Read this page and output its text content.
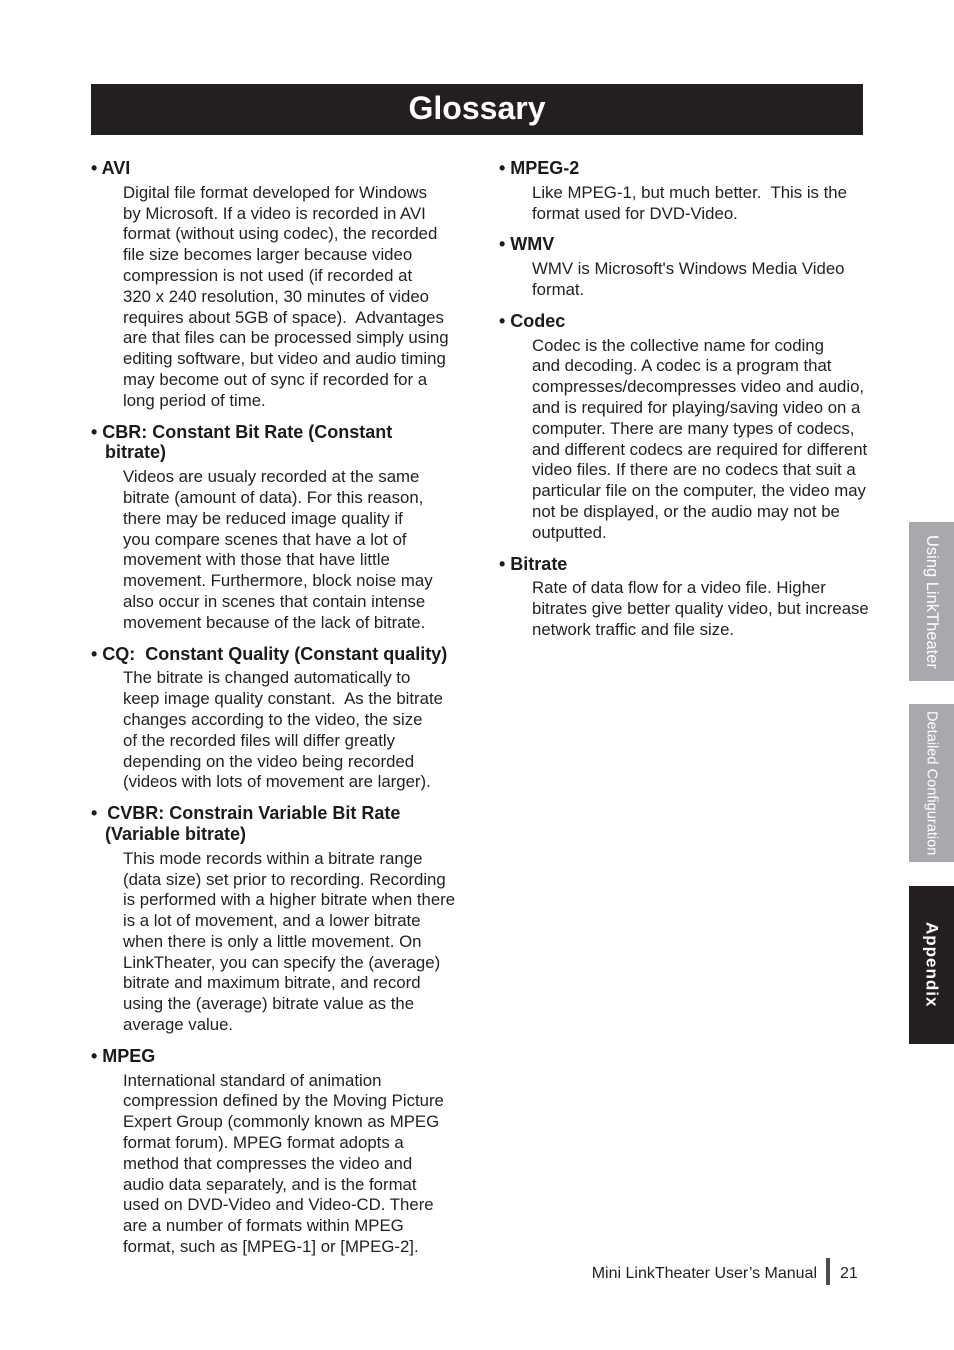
Glossary
• AVI
Digital file format developed for Windows
by Microsoft. If a video is recorded in AVI
format (without using codec), the recorded
file size becomes larger because video
compression is not used (if recorded at
320 x 240 resolution, 30 minutes of video
requires about 5GB of space).  Advantages
are that files can be processed simply using
editing software, but video and audio timing
may become out of sync if recorded for a
long period of time.
• CBR: Constant Bit Rate (Constant
bitrate)
Videos are usualy recorded at the same
bitrate (amount of data). For this reason,
there may be reduced image quality if
you compare scenes that have a lot of
movement with those that have little
movement. Furthermore, block noise may
also occur in scenes that contain intense
movement because of the lack of bitrate.
• CQ:  Constant Quality (Constant quality)
The bitrate is changed automatically to
keep image quality constant.  As the bitrate
changes according to the video, the size
of the recorded files will differ greatly
depending on the video being recorded
(videos with lots of movement are larger).
•  CVBR: Constrain Variable Bit Rate
(Variable bitrate)
This mode records within a bitrate range
(data size) set prior to recording. Recording
is performed with a higher bitrate when there
is a lot of movement, and a lower bitrate
when there is only a little movement. On
LinkTheater, you can specify the (average)
bitrate and maximum bitrate, and record
using the (average) bitrate value as the
average value.
• MPEG
International standard of animation
compression defined by the Moving Picture
Expert Group (commonly known as MPEG
format forum). MPEG format adopts a
method that compresses the video and
audio data separately, and is the format
used on DVD-Video and Video-CD. There
are a number of formats within MPEG
format, such as [MPEG-1] or [MPEG-2].
• MPEG-2
Like MPEG-1, but much better.  This is the
format used for DVD-Video.
• WMV
WMV is Microsoft's Windows Media Video
format.
• Codec
Codec is the collective name for coding
and decoding. A codec is a program that
compresses/decompresses video and audio,
and is required for playing/saving video on a
computer. There are many types of codecs,
and different codecs are required for different
video files. If there are no codecs that suit a
particular file on the computer, the video may
not be displayed, or the audio may not be
outputted.
• Bitrate
Rate of data flow for a video file. Higher
bitrates give better quality video, but increase
network traffic and file size.	Using LinkTheater
Detailed Configuration
Appendix
Mini LinkTheater User’s Manual 21
